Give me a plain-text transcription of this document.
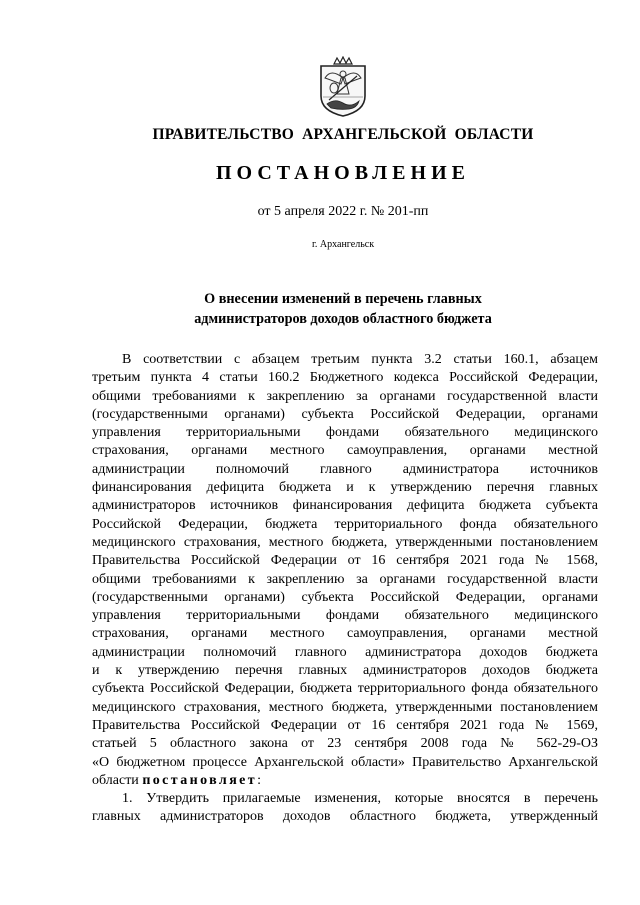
ПРАВИТЕЛЬСТВО АРХАНГЕЛЬСКОЙ ОБЛАСТИ
ПОСТАНОВЛЕНИЕ
от 5 апреля 2022 г. № 201-пп
г. Архангельск
О внесении изменений в перечень главных
администраторов доходов областного бюджета
В соответствии с абзацем третьим пункта 3.2 статьи 160.1, абзацем
третьим пункта 4 статьи 160.2 Бюджетного кодекса Российской Федерации,
общими требованиями к закреплению за органами государственной власти
(государственными органами) субъекта Российской Федерации, органами
управления территориальными фондами обязательного медицинского
страхования, органами местного самоуправления, органами местной
администрации полномочий главного администратора источников
финансирования дефицита бюджета и к утверждению перечня главных
администраторов источников финансирования дефицита бюджета субъекта
Российской Федерации, бюджета территориального фонда обязательного
медицинского страхования, местного бюджета, утвержденными постановлением
Правительства Российской Федерации от 16 сентября 2021 года № 1568,
общими требованиями к закреплению за органами государственной власти
(государственными органами) субъекта Российской Федерации, органами
управления территориальными фондами обязательного медицинского
страхования, органами местного самоуправления, органами местной
администрации полномочий главного администратора доходов бюджета
и к утверждению перечня главных администраторов доходов бюджета
субъекта Российской Федерации, бюджета территориального фонда обязательного
медицинского страхования, местного бюджета, утвержденными постановлением
Правительства Российской Федерации от 16 сентября 2021 года № 1569,
статьей 5 областного закона от 23 сентября 2008 года № 562-29-ОЗ
«О бюджетном процессе Архангельской области» Правительство Архангельской
области постановляет:
1. Утвердить прилагаемые изменения, которые вносятся в перечень
главных администраторов доходов областного бюджета, утвержденный
